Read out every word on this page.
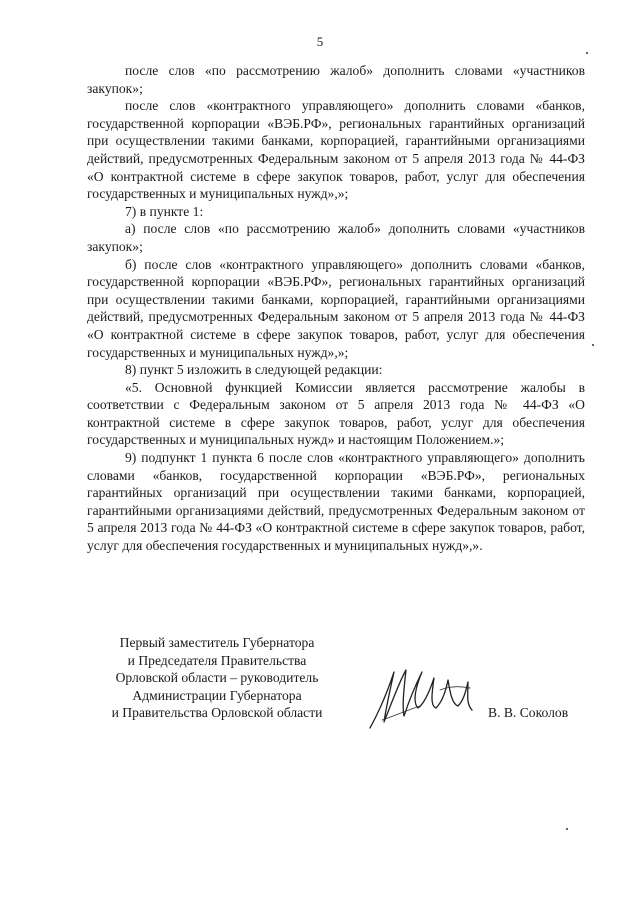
5

после слов «по рассмотрению жалоб» дополнить словами «участников закупок»;

после слов «контрактного управляющего» дополнить словами «банков, государственной корпорации «ВЭБ.РФ», региональных гарантийных организаций при осуществлении такими банками, корпорацией, гарантийными организациями действий, предусмотренных Федеральным законом от 5 апреля 2013 года № 44-ФЗ «О контрактной системе в сфере закупок товаров, работ, услуг для обеспечения государственных и муниципальных нужд»,»;

7) в пункте 1:

а) после слов «по рассмотрению жалоб» дополнить словами «участников закупок»;

б) после слов «контрактного управляющего» дополнить словами «банков, государственной корпорации «ВЭБ.РФ», региональных гарантийных организаций при осуществлении такими банками, корпорацией, гарантийными организациями действий, предусмотренных Федеральным законом от 5 апреля 2013 года № 44-ФЗ «О контрактной системе в сфере закупок товаров, работ, услуг для обеспечения государственных и муниципальных нужд»,»;

8) пункт 5 изложить в следующей редакции:

«5. Основной функцией Комиссии является рассмотрение жалобы в соответствии с Федеральным законом от 5 апреля 2013 года № 44-ФЗ «О контрактной системе в сфере закупок товаров, работ, услуг для обеспечения государственных и муниципальных нужд» и настоящим Положением.»;

9) подпункт 1 пункта 6 после слов «контрактного управляющего» дополнить словами «банков, государственной корпорации «ВЭБ.РФ», региональных гарантийных организаций при осуществлении такими банками, корпорацией, гарантийными организациями действий, предусмотренных Федеральным законом от 5 апреля 2013 года № 44-ФЗ «О контрактной системе в сфере закупок товаров, работ, услуг для обеспечения государственных и муниципальных нужд»,».

Первый заместитель Губернатора
и Председателя Правительства
Орловской области – руководитель
Администрации Губернатора
и Правительства Орловской области	В. В. Соколов
